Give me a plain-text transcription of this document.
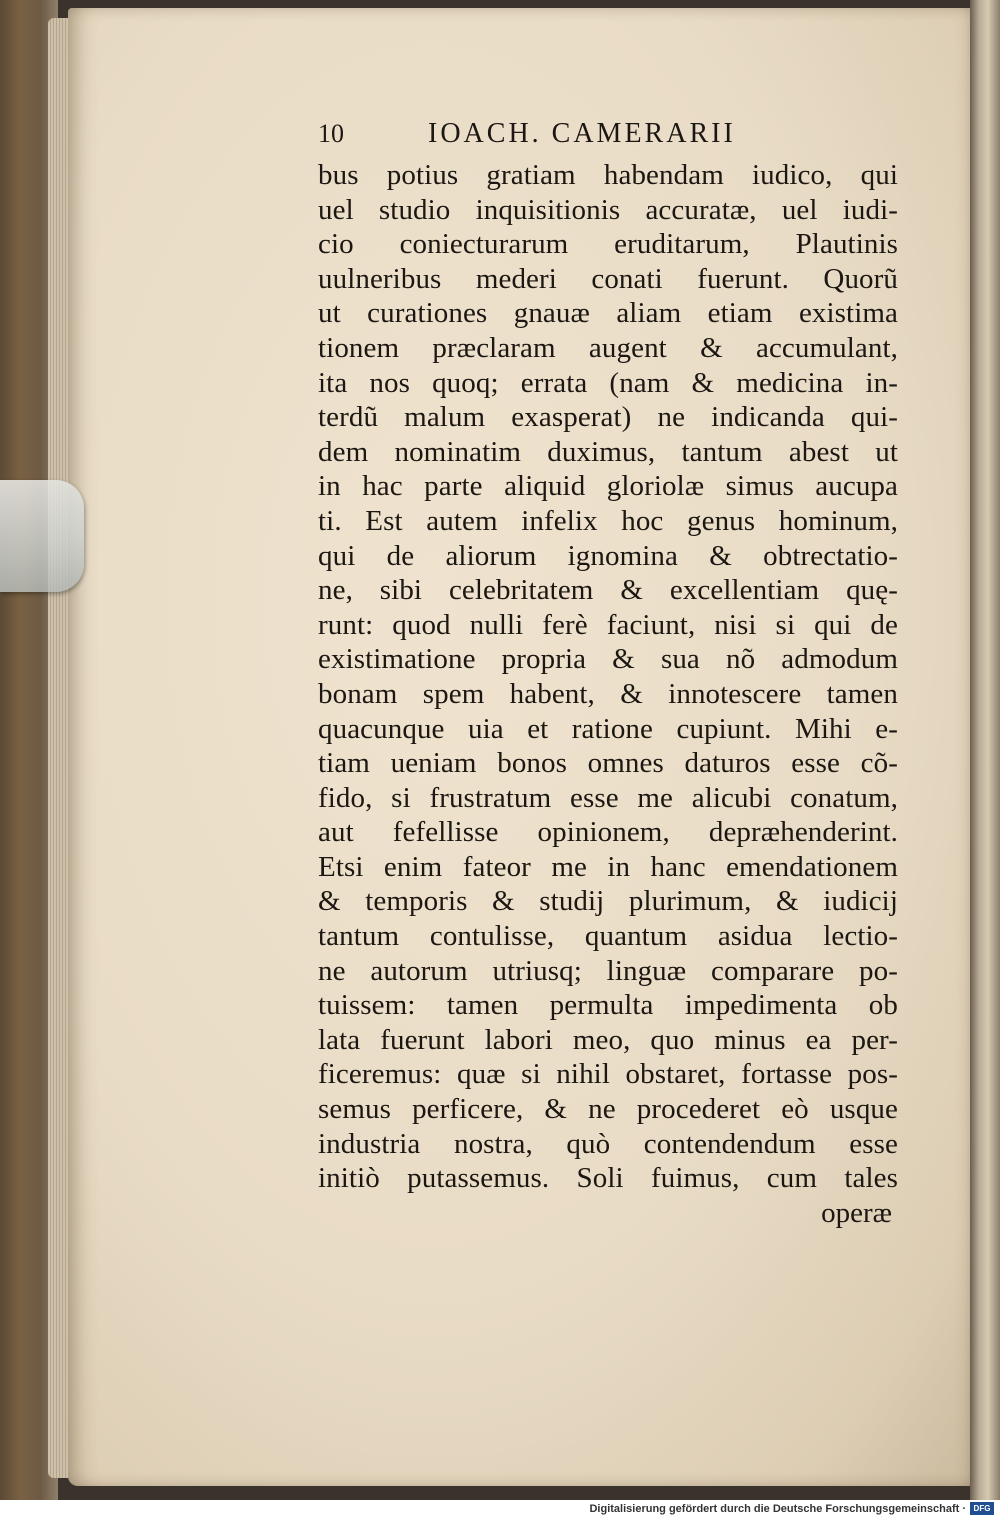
10	IOACH. CAMERARII
bus potius gratiam habendam iudico, qui
uel studio inquisitionis accuratæ, uel iudi-
cio coniecturarum eruditarum, Plautinis
uulneribus mederi conati fuerunt. Quorũ
ut curationes gnauæ aliam etiam existima
tionem præclaram augent & accumulant,
ita nos quoq; errata (nam & medicina in-
terdũ malum exasperat) ne indicanda qui-
dem nominatim duximus, tantum abest ut
in hac parte aliquid gloriolæ simus aucupa
ti. Est autem infelix hoc genus hominum,
qui de aliorum ignomina & obtrectatio-
ne, sibi celebritatem & excellentiam quę-
runt: quod nulli ferè faciunt, nisi si qui de
existimatione propria & sua nõ admodum
bonam spem habent, & innotescere tamen
quacunque uia et ratione cupiunt. Mihi e-
tiam ueniam bonos omnes daturos esse cõ-
fido, si frustratum esse me alicubi conatum,
aut fefellisse opinionem, depræhenderint.
Etsi enim fateor me in hanc emendationem
& temporis & studij plurimum, & iudicij
tantum contulisse, quantum asidua lectio-
ne autorum utriusq; linguæ comparare po-
tuissem: tamen permulta impedimenta ob
lata fuerunt labori meo, quo minus ea per-
ficeremus: quæ si nihil obstaret, fortasse pos-
semus perficere, & ne procederet eò usque
industria nostra, quò contendendum esse
initiò putassemus. Soli fuimus, cum tales
operæ
Digitalisierung gefördert durch die Deutsche Forschungsgemeinschaft · DFG
